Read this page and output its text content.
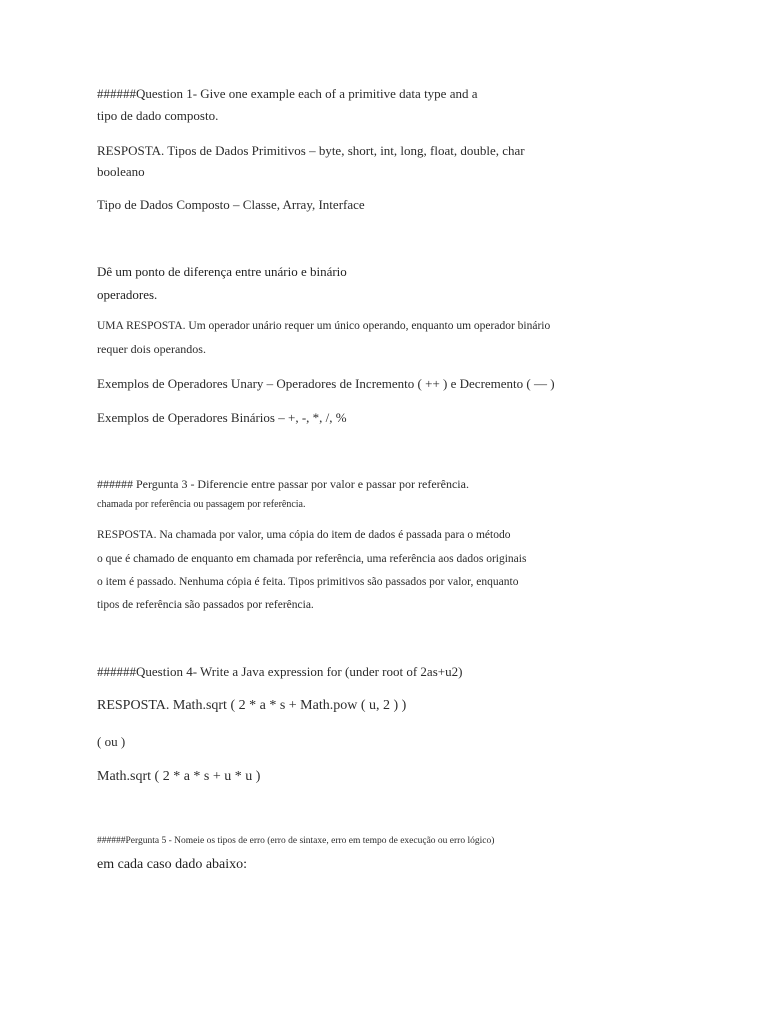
######Question 1- Give one example each of a primitive data type and a

tipo de dado composto.

RESPOSTA. Tipos de Dados Primitivos – byte, short, int, long, float, double, char

booleano

Tipo de Dados Composto – Classe, Array, Interface

Dê um ponto de diferença entre unário e binário

operadores.

UMA RESPOSTA. Um operador unário requer um único operando, enquanto um operador binário

requer dois operandos.

Exemplos de Operadores Unary – Operadores de Incremento ( ++ ) e Decremento ( — )

Exemplos de Operadores Binários – +, -, *, /, %

###### Pergunta 3 - Diferencie entre passar por valor e passar por referência.

chamada por referência ou passagem por referência.

RESPOSTA. Na chamada por valor, uma cópia do item de dados é passada para o método

o que é chamado de enquanto em chamada por referência, uma referência aos dados originais

o item é passado. Nenhuma cópia é feita. Tipos primitivos são passados por valor, enquanto

tipos de referência são passados por referência.

######Question 4- Write a Java expression for (under root of 2as+u2)

RESPOSTA. Math.sqrt ( 2 * a * s + Math.pow ( u, 2 ) )

( ou )

Math.sqrt ( 2 * a * s + u * u )

######Pergunta 5 - Nomeie os tipos de erro (erro de sintaxe, erro em tempo de execução ou erro lógico)

em cada caso dado abaixo:
